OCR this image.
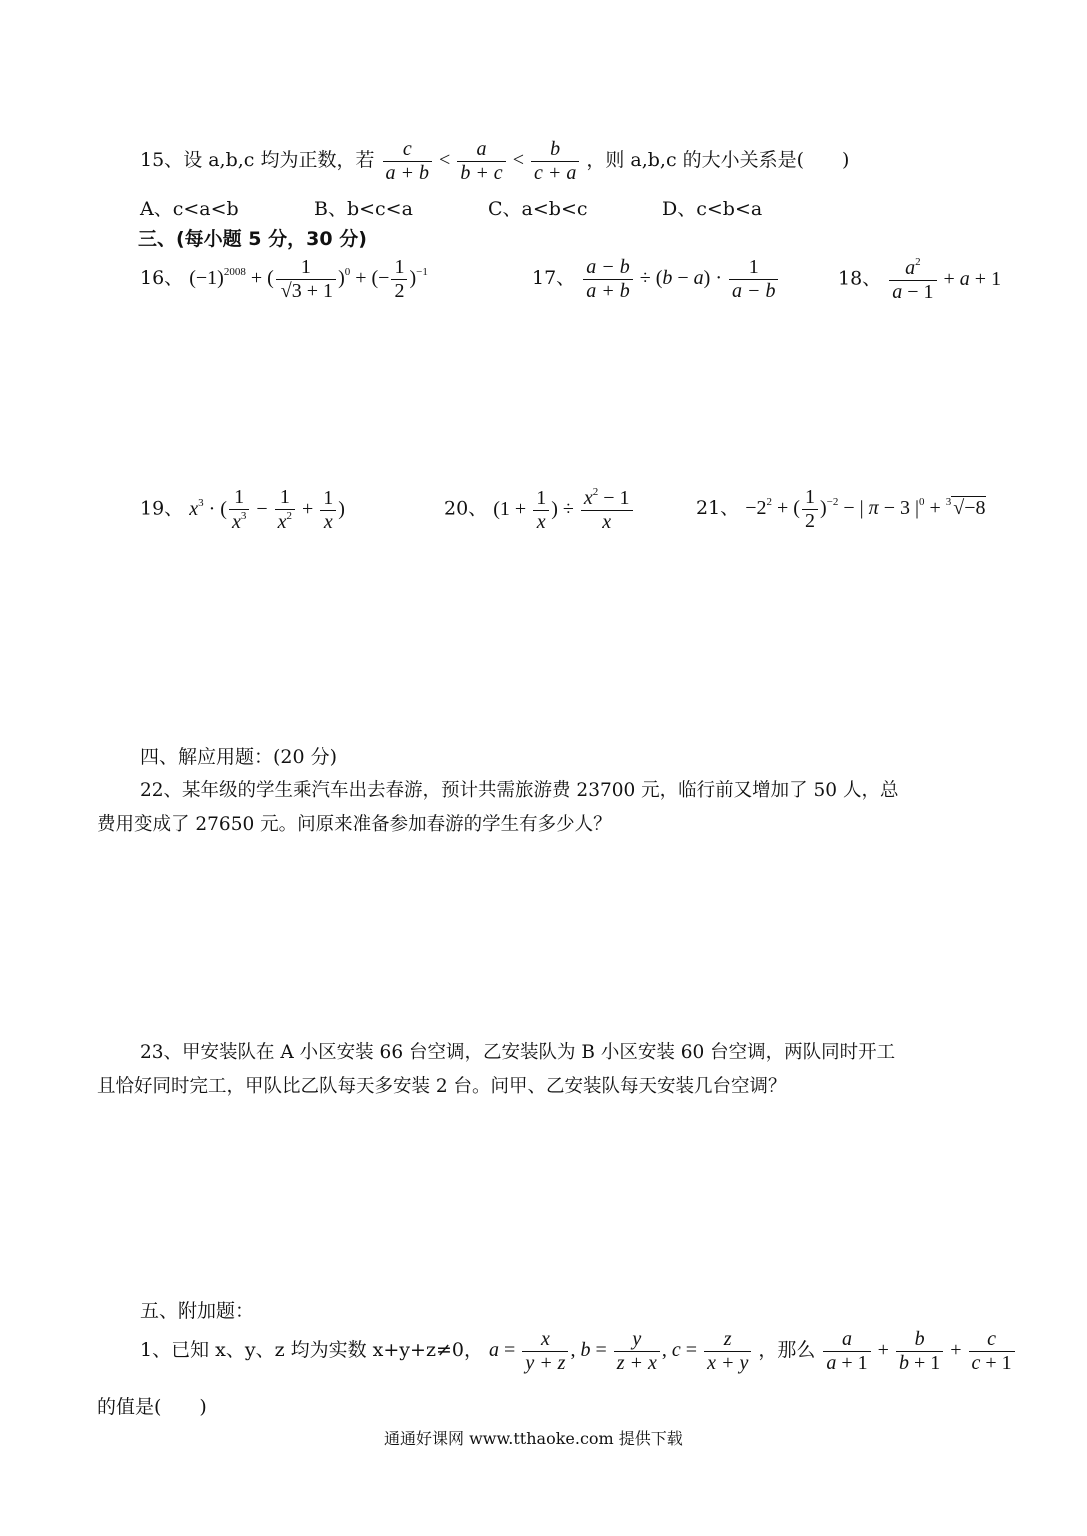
15、设 a,b,c 均为正数，若 $\frac{c}{a + b} < \frac{a}{b + c} < \frac{b}{c + a}$ ，则 a,b,c 的大小关系是(　　)
A、c<a<b	B、b<c<a	C、a<b<c	D、c<b<a
三、(每小题 5 分，30 分)
16、 $(-1)^{2008}$ + ( $\frac{1}{√3 + 1} )^0$ + (− $\frac{1}{2} )^{-1}$	17、 $\frac{a - b}{a + b} \div (b - a) \cdot \frac{1}{a - b}$	18、 $\frac{a^2}{a - 1} + a + 1$
19、 $x^3$ · ( $\frac{1}{x^3} - \frac{1}{x^2} + \frac{1}{x}$ )	20、 ($1 + \frac{1}{x}$ ) ÷ $\frac{x^2 - 1}{x}$	21、 $-2^2$ + ( $\frac{1}{2} )^{-2}$ − | π − 3 $|^0 + ^3$ √−8
四、解应用题：(20 分)
22、某年级的学生乘汽车出去春游，预计共需旅游费 23700 元，临行前又增加了 50 人，总
费用变成了 27650 元。问原来准备参加春游的学生有多少人？
23、甲安装队在 A 小区安装 66 台空调，乙安装队为 B 小区安装 60 台空调，两队同时开工
且恰好同时完工，甲队比乙队每天多安装 2 台。问甲、乙安装队每天安装几台空调？
五、附加题：
1、已知 x、y、z 均为实数 x+y+z≠0， $a = \frac{x}{y + z}$ , $b = \frac{y}{z + x}$ , $c = \frac{z}{x + y}$ ，那么 $\frac{a}{a + 1} + \frac{b}{b + 1} + \frac{c}{c + 1}$
的值是(　　)
通通好课网 www.tthaoke.com 提供下载
